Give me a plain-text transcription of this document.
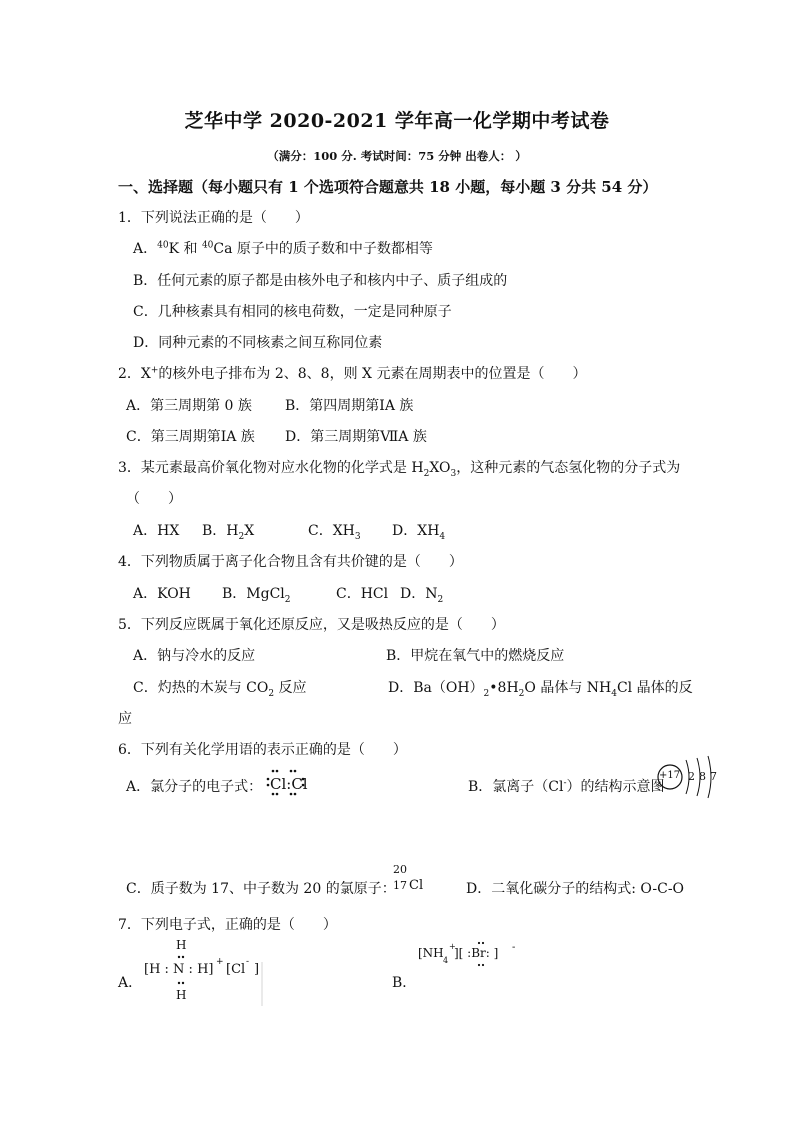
芝华中学 2020-2021 学年高一化学期中考试卷
（满分：100 分. 考试时间：75 分钟 出卷人： ）
一、选择题（每小题只有 1 个选项符合题意共 18 小题，每小题 3 分共 54 分）
1．下列说法正确的是（　　）
A．$^{40}$K 和 $^{40}$Ca 原子中的质子数和中子数都相等
B．任何元素的原子都是由核外电子和核内中子、质子组成的
C．几种核素具有相同的核电荷数，一定是同种原子
D．同种元素的不同核素之间互称同位素
2．X+的核外电子排布为 2、8、8，则 X 元素在周期表中的位置是（　　）
A．第三周期第 0 族 B．第四周期第ⅠA 族
C．第三周期第ⅠA 族 D．第三周期第ⅦA 族
3．某元素最高价氧化物对应水化物的化学式是 $H_2XO_3$，这种元素的气态氢化物的分子式为
（　　）
A．HX B．$H_2X$	C．$XH_3$ D．$XH_4$
4．下列物质属于离子化合物且含有共价键的是（　　）
A．KOH B．MgCl$_2$	C．HCl D．$N_2$
5．下列反应既属于氧化还原反应，又是吸热反应的是（　　）
A．钠与冷水的反应	B．甲烷在氧气中的燃烧反应
C．灼热的木炭与 $CO_2$ 反应	D．$Ba(OH)_2•8H_2O$ 晶体与 $NH_4Cl$ 晶体的反
应
6．下列有关化学用语的表示正确的是（　　）
A．氯分子的电子式： Cl:Cl	B．氯离子（Cl-）的结构示意图
+17 2 8 7
C．质子数为 17、中子数为 20 的氯原子：
20
17 Cl	D．二氧化碳分子的结构式: O-C-O
7．下列电子式，正确的是（　　）
A．
H
[H : N : H] + [Cl - ]
H
B．
[NH
4
+
][ :Br: ] -
